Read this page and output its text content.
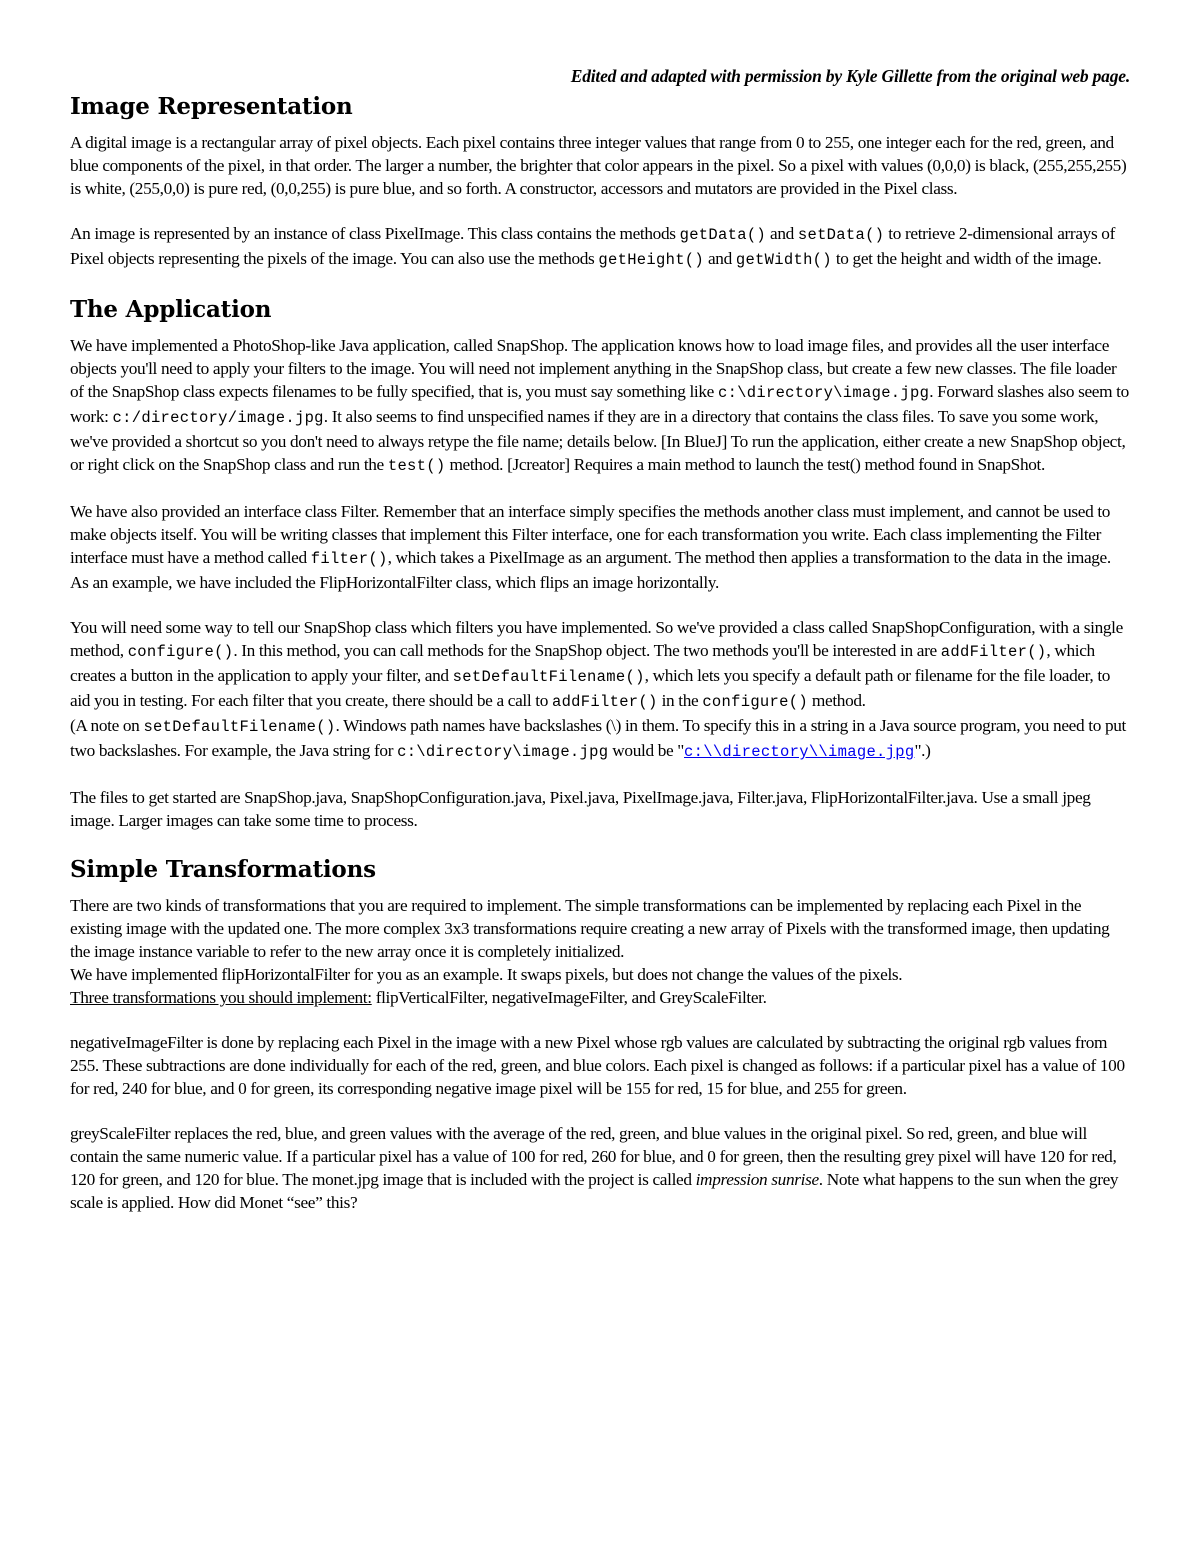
Edited and adapted with permission by Kyle Gillette from the original web page.
Image Representation

A digital image is a rectangular array of pixel objects. Each pixel contains three integer values that range from 0 to 255, one integer each for the red, green, and blue components of the pixel, in that order. The larger a number, the brighter that color appears in the pixel. So a pixel with values (0,0,0) is black, (255,255,255) is white, (255,0,0) is pure red, (0,0,255) is pure blue, and so forth. A constructor, accessors and mutators are provided in the Pixel class.

An image is represented by an instance of class PixelImage. This class contains the methods getData() and setData() to retrieve 2-dimensional arrays of Pixel objects representing the pixels of the image. You can also use the methods getHeight() and getWidth() to get the height and width of the image.

The Application

We have implemented a PhotoShop-like Java application, called SnapShop. The application knows how to load image files, and provides all the user interface objects you'll need to apply your filters to the image. You will need not implement anything in the SnapShop class, but create a few new classes. The file loader of the SnapShop class expects filenames to be fully specified, that is, you must say something like c:\directory\image.jpg. Forward slashes also seem to work: c:/directory/image.jpg. It also seems to find unspecified names if they are in a directory that contains the class files. To save you some work, we've provided a shortcut so you don't need to always retype the file name; details below. [In BlueJ] To run the application, either create a new SnapShop object, or right click on the SnapShop class and run the test() method. [Jcreator] Requires a main method to launch the test() method found in SnapShot.

We have also provided an interface class Filter. Remember that an interface simply specifies the methods another class must implement, and cannot be used to make objects itself. You will be writing classes that implement this Filter interface, one for each transformation you write. Each class implementing the Filter interface must have a method called filter(), which takes a PixelImage as an argument. The method then applies a transformation to the data in the image. As an example, we have included the FlipHorizontalFilter class, which flips an image horizontally.

You will need some way to tell our SnapShop class which filters you have implemented. So we've provided a class called SnapShopConfiguration, with a single method, configure(). In this method, you can call methods for the SnapShop object. The two methods you'll be interested in are addFilter(), which creates a button in the application to apply your filter, and setDefaultFilename(), which lets you specify a default path or filename for the file loader, to aid you in testing. For each filter that you create, there should be a call to addFilter() in the configure() method.

(A note on setDefaultFilename(). Windows path names have backslashes (\) in them. To specify this in a string in a Java source program, you need to put two backslashes. For example, the Java string for c:\directory\image.jpg would be "c:\\directory\\image.jpg".)

The files to get started are SnapShop.java, SnapShopConfiguration.java, Pixel.java, PixelImage.java, Filter.java, FlipHorizontalFilter.java. Use a small jpeg image. Larger images can take some time to process.

Simple Transformations

There are two kinds of transformations that you are required to implement. The simple transformations can be implemented by replacing each Pixel in the existing image with the updated one. The more complex 3x3 transformations require creating a new array of Pixels with the transformed image, then updating the image instance variable to refer to the new array once it is completely initialized.

We have implemented flipHorizontalFilter for you as an example. It swaps pixels, but does not change the values of the pixels.

Three transformations you should implement: flipVerticalFilter, negativeImageFilter, and GreyScaleFilter.

negativeImageFilter is done by replacing each Pixel in the image with a new Pixel whose rgb values are calculated by subtracting the original rgb values from 255. These subtractions are done individually for each of the red, green, and blue colors. Each pixel is changed as follows: if a particular pixel has a value of 100 for red, 240 for blue, and 0 for green, its corresponding negative image pixel will be 155 for red, 15 for blue, and 255 for green.

greyScaleFilter replaces the red, blue, and green values with the average of the red, green, and blue values in the original pixel. So red, green, and blue will contain the same numeric value. If a particular pixel has a value of 100 for red, 260 for blue, and 0 for green, then the resulting grey pixel will have 120 for red, 120 for green, and 120 for blue. The monet.jpg image that is included with the project is called impression sunrise. Note what happens to the sun when the grey scale is applied. How did Monet “see” this?
